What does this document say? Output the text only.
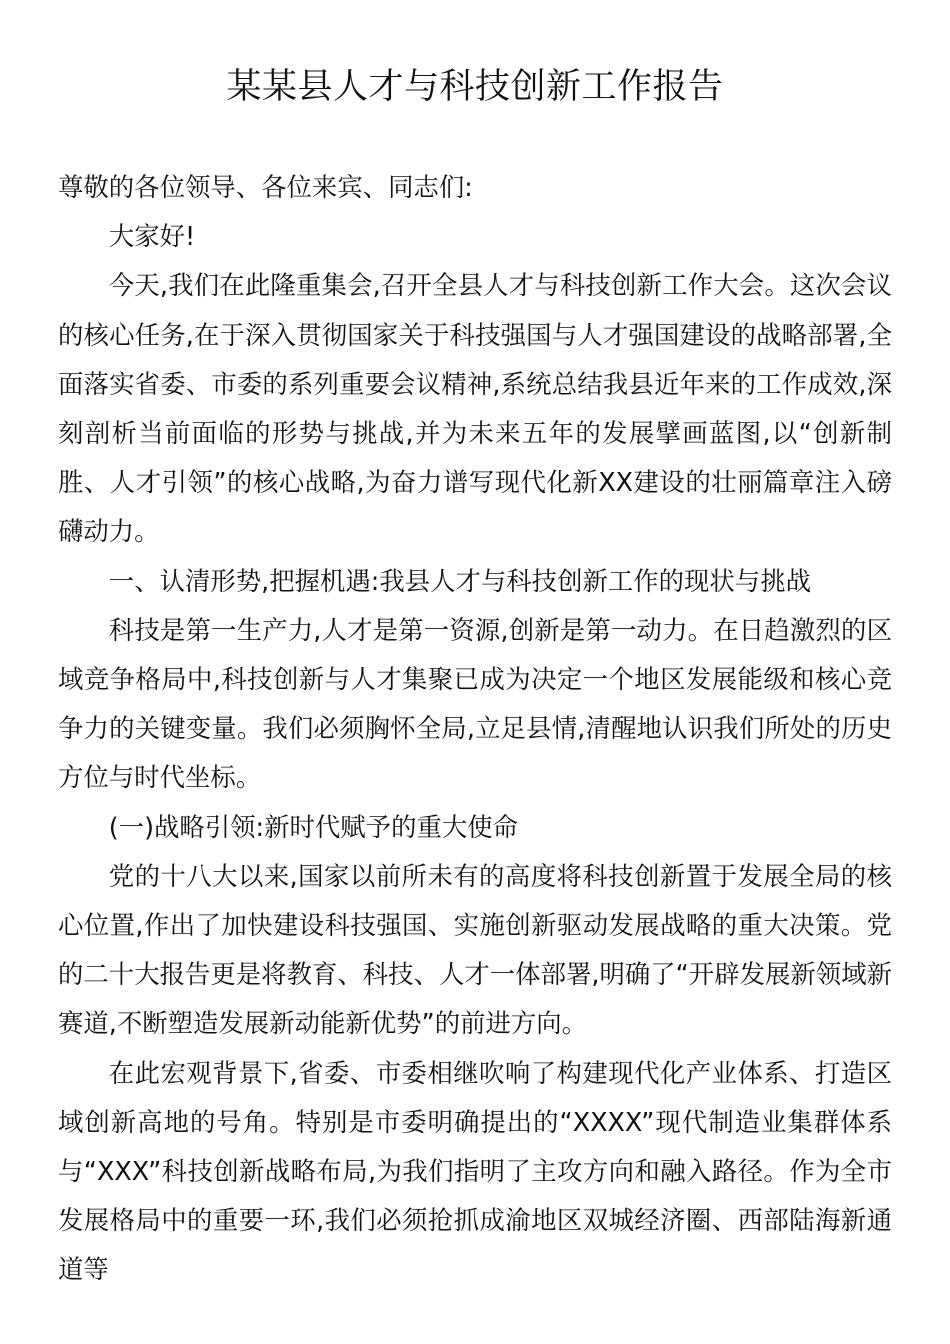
某某县人才与科技创新工作报告

尊敬的各位领导、各位来宾、同志们:

大家好!

今天,我们在此隆重集会,召开全县人才与科技创新工作大会。这次会议的核心任务,在于深入贯彻国家关于科技强国与人才强国建设的战略部署,全面落实省委、市委的系列重要会议精神,系统总结我县近年来的工作成效,深刻剖析当前面临的形势与挑战,并为未来五年的发展擘画蓝图,以“创新制胜、人才引领”的核心战略,为奋力谱写现代化新XX建设的壮丽篇章注入磅礴动力。

一、认清形势,把握机遇:我县人才与科技创新工作的现状与挑战

科技是第一生产力,人才是第一资源,创新是第一动力。在日趋激烈的区域竞争格局中,科技创新与人才集聚已成为决定一个地区发展能级和核心竞争力的关键变量。我们必须胸怀全局,立足县情,清醒地认识我们所处的历史方位与时代坐标。

(一)战略引领:新时代赋予的重大使命

党的十八大以来,国家以前所未有的高度将科技创新置于发展全局的核心位置,作出了加快建设科技强国、实施创新驱动发展战略的重大决策。党的二十大报告更是将教育、科技、人才一体部署,明确了“开辟发展新领域新赛道,不断塑造发展新动能新优势”的前进方向。

在此宏观背景下,省委、市委相继吹响了构建现代化产业体系、打造区域创新高地的号角。特别是市委明确提出的“XXXX”现代制造业集群体系与“XXX”科技创新战略布局,为我们指明了主攻方向和融入路径。作为全市发展格局中的重要一环,我们必须抢抓成渝地区双城经济圈、西部陆海新通道等
